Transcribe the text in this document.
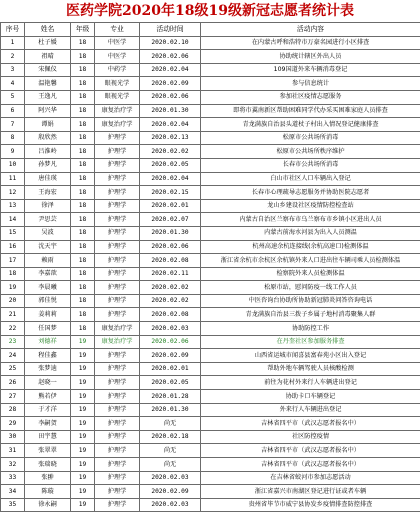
医药学院2020年18级19级新冠志愿者统计表
序号	姓名	年级	专业	活动时间	活动内容
1	杜子媛	18	中医学	2020.02.10	在内蒙古呼和浩特市万豪名园进行小区排查
2	祖晴	18	中医学	2020.02.06	协助统计辖区外出人员
3	宋佩仪	18	中药学	2020.02.04	109国道外来车辆消毒登记
4	温艳馨	18	眼视光学	2020.02.09	参与信息统计
5	王逸凡	18	眼视光学	2020.02.06	参加社区疫情志愿服务
6	阿兴华	18	康复治疗学	2020.01.30	即将市翼南新区帮助困难同学代办采买困难家庭人员排查
7	谭娟	18	康复治疗学	2020.02.04	青龙满族自治县头道杖子村出入情况登记健康排查
8	殷欣然	18	护理学	2020.02.13	松原市公共场所消毒
9	吕淮岭	18	护理学	2020.02.02	松原市公共场所秩序维护
10	孙梦凡	18	护理学	2020.02.05	长春市公共场所消毒
11	唐佳瑛	18	护理学	2020.02.04	白山市社区人口车辆出入登记
12	王海宏	18	护理学	2020.02.15	长春市心理疏导志愿服务并协助医院志愿者
13	徐泽	18	护理学	2020.02.01	龙山乡建设社区疫情防控检查站
14	尹思芸	18	护理学	2020.02.07	内蒙古自治区兰察布市乌兰察布市乡镇小区进出人员
15	吴波	18	护理学	2020.01.30	内蒙古前海水河县为出入人员测温
16	沈天宇	18	护理学	2020.02.06	杭州高速余杭连接线(余杭高速口)检测体温
17	赖雨	18	护理学	2020.02.08	浙江省余杭市余杭区余杭镇外来人口进出往车辆司乘人员检测体温
18	李嘉歆	18	护理学	2020.02.11	检察院外来人员检测体温
19	李晨曦	18	护理学	2020.02.02	松原市站，慰问防疫一线工作人员
20	郭佳悦	18	护理学	2020.02.02	中医咨询台协助所协助新冠肺炎问答咨询电话
21	姜莉莉	18	护理学	2020.02.08	青龙满族自治县三拨子乡属子地村消毒聚集人群
22	任国梦	18	康复治疗学	2020.02.03	协助防控工作
23	刘德祥	19	康复治疗学	2020.02.06	在丹奎社区参加服务排查
24	程佳鑫	19	护理学	2020.02.09	山西省运城市闻喜县富春苑小区出入登记
25	张梦迪	19	护理学	2020.02.01	帮助外地车辆驾驶人员核酸检测
26	赵晓一	19	护理学	2020.02.05	前往为花村外来行人车辆进出登记
27	熊若伊	19	护理学	2020.01.28	协助卡口车辆登记
28	于才洋	19	护理学	2020.01.30	外来行人车辆进出登记
29	李嗣贺	19	护理学	尚无	吉林省四平市（武汉志愿者报名中）
30	田宇慧	19	护理学	2020.02.18	社区防控疫情
31	张翠翠	19	护理学	尚无	吉林省四平市（武汉志愿者报名中）
32	张瑞晓	19	护理学	尚无	吉林省四平市（武汉志愿者报名中）
33	张翀	19	护理学	2020.02.03	在吉林省蛟河市参加志愿活动
34	陈璇	19	护理学	2020.02.09	浙江省嘉兴市南湖区登记进行证或者车辆
35	徐永嗣	19	护理学	2020.02.03	贵州省毕节市威宁县协发乡疫情排查防控排查
